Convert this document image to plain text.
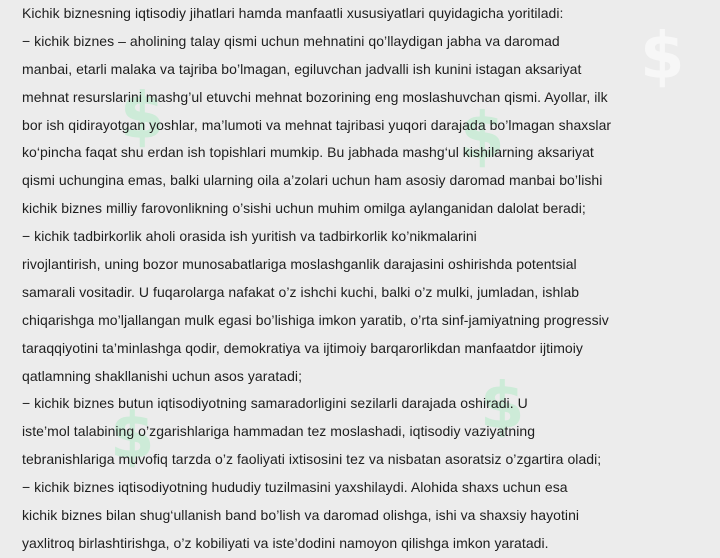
$	$
$	$
$
Kichik biznesning iqtisodiy jihatlari hamda manfaatli xususiyatlari quyidagicha yoritiladi:
− kichik biznes – aholining talay qismi uchun mehnatini qo’llaydigan jabha va daromad
manbai, etarli malaka va tajriba bo’lmagan, egiluvchan jadvalli ish kunini istagan aksariyat
mehnat resurslarini mashg’ul etuvchi mehnat bozorining eng moslashuvchan qismi. Ayollar, ilk
bor ish qidirayotgan yoshlar, ma’lumoti va mehnat tajribasi yuqori darajada bo’lmagan shaxslar
ko‘pincha faqat shu erdan ish topishlari mumkip. Bu jabhada mashg‘ul kishilarning aksariyat
qismi uchungina emas, balki ularning oila a’zolari uchun ham asosiy daromad manbai bo’lishi
kichik biznes milliy farovonlikning o’sishi uchun muhim omilga aylanganidan dalolat beradi;
− kichik tadbirkorlik aholi orasida ish yuritish va tadbirkorlik ko’nikmalarini
rivojlantirish, uning bozor munosabatlariga moslashganlik darajasini oshirishda potentsial
samarali vositadir. U fuqarolarga nafakat o’z ishchi kuchi, balki o’z mulki, jumladan, ishlab
chiqarishga mo’ljallangan mulk egasi bo’lishiga imkon yaratib, o’rta sinf-jamiyatning progressiv
taraqqiyotini ta’minlashga qodir, demokratiya va ijtimoiy barqarorlikdan manfaatdor ijtimoiy
qatlamning shakllanishi uchun asos yaratadi;
− kichik biznes butun iqtisodiyotning samaradorligini sezilarli darajada oshiradi. U
iste’mol talabining o’zgarishlariga hammadan tez moslashadi, iqtisodiy vaziyatning
tebranishlariga muvofiq tarzda o’z faoliyati ixtisosini tez va nisbatan asoratsiz o’zgartira oladi;
− kichik biznes iqtisodiyotning hududiy tuzilmasini yaxshilaydi. Alohida shaxs uchun esa
kichik biznes bilan shug‘ullanish band bo’lish va daromad olishga, ishi va shaxsiy hayotini
yaxlitroq birlashtirishga, o’z kobiliyati va iste’dodini namoyon qilishga imkon yaratadi.
